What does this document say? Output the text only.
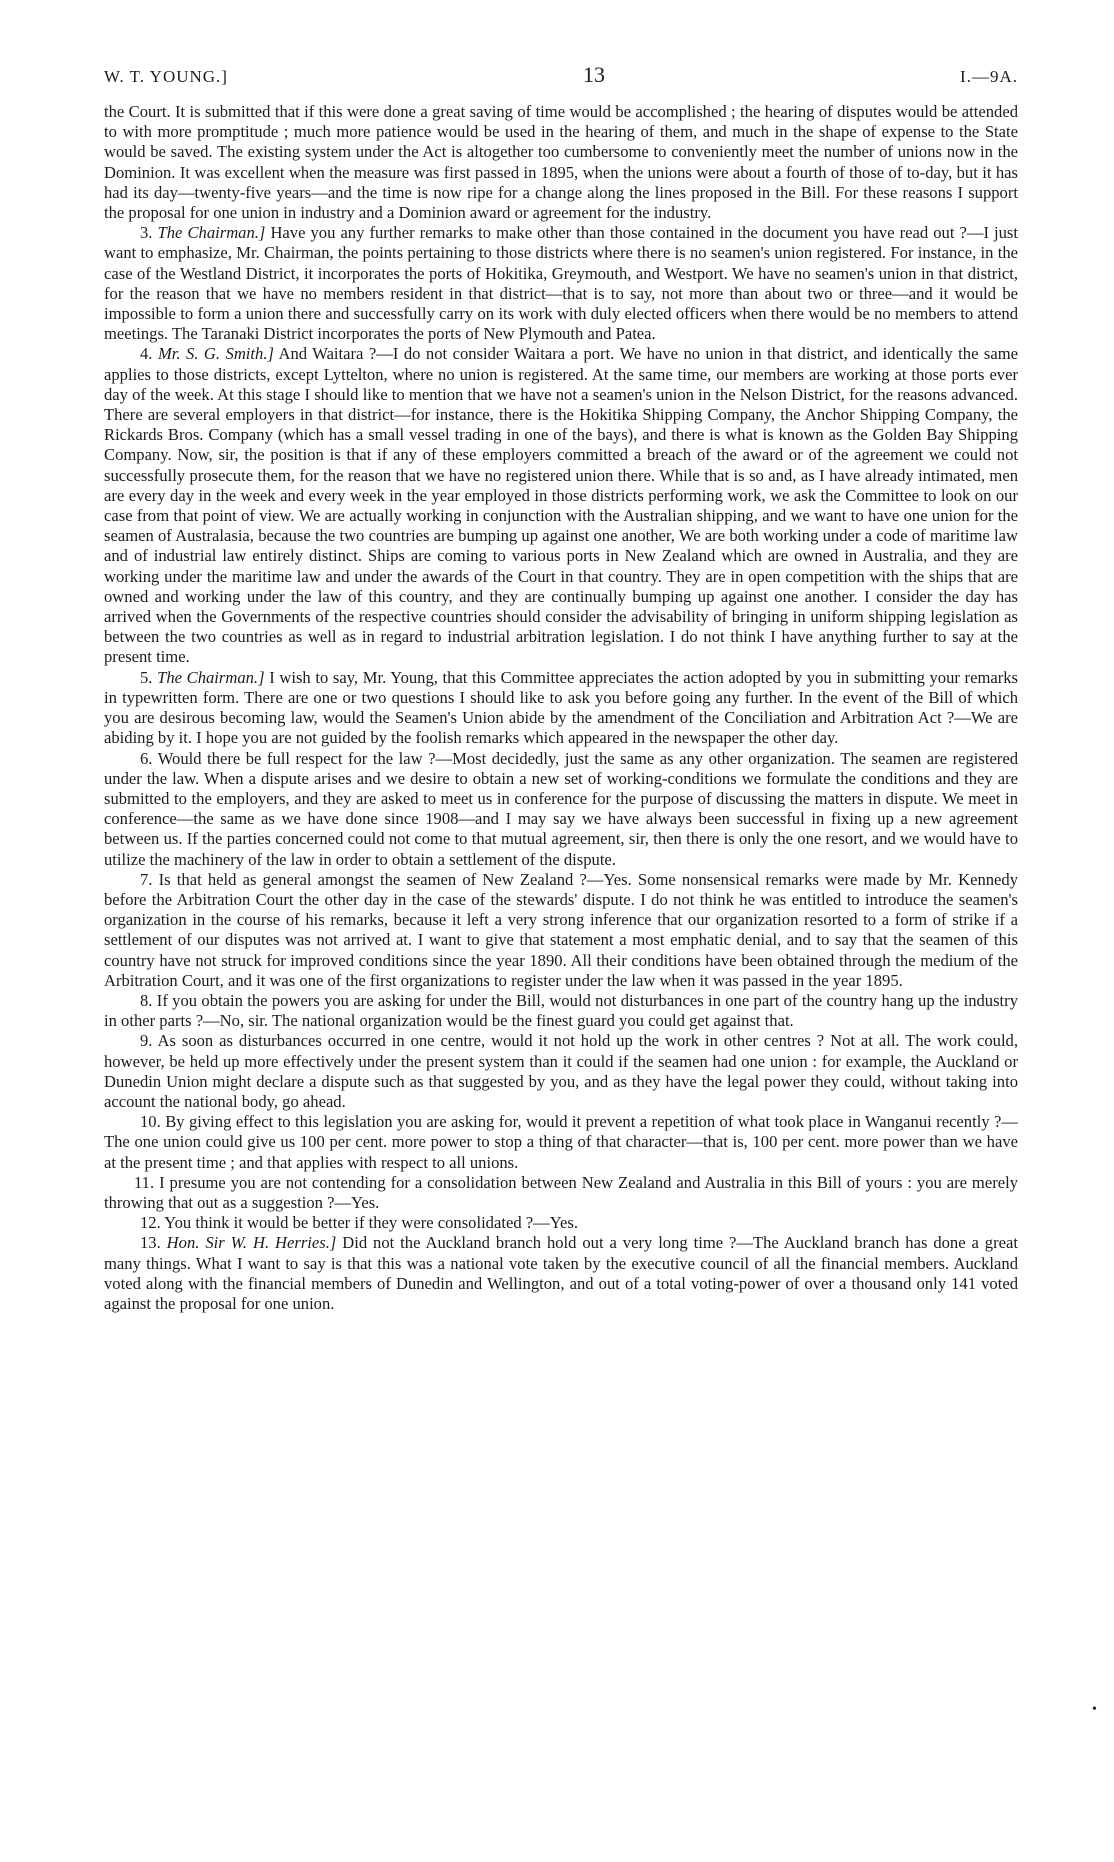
W. T. YOUNG.]	13	I.—9A.

the Court. It is submitted that if this were done a great saving of time would be accomplished ; the hearing of disputes would be attended to with more promptitude ; much more patience would be used in the hearing of them, and much in the shape of expense to the State would be saved. The existing system under the Act is altogether too cumbersome to conveniently meet the number of unions now in the Dominion. It was excellent when the measure was first passed in 1895, when the unions were about a fourth of those of to-day, but it has had its day—twenty-five years—and the time is now ripe for a change along the lines proposed in the Bill. For these reasons I support the proposal for one union in industry and a Dominion award or agreement for the industry.

3. The Chairman.] Have you any further remarks to make other than those contained in the document you have read out ?—I just want to emphasize, Mr. Chairman, the points pertaining to those districts where there is no seamen's union registered. For instance, in the case of the Westland District, it incorporates the ports of Hokitika, Greymouth, and Westport. We have no seamen's union in that district, for the reason that we have no members resident in that district—that is to say, not more than about two or three—and it would be impossible to form a union there and successfully carry on its work with duly elected officers when there would be no members to attend meetings. The Taranaki District incorporates the ports of New Plymouth and Patea.

4. Mr. S. G. Smith.] And Waitara ?—I do not consider Waitara a port. We have no union in that district, and identically the same applies to those districts, except Lyttelton, where no union is registered. At the same time, our members are working at those ports ever day of the week. At this stage I should like to mention that we have not a seamen's union in the Nelson District, for the reasons advanced. There are several employers in that district—for instance, there is the Hokitika Shipping Company, the Anchor Shipping Company, the Rickards Bros. Company (which has a small vessel trading in one of the bays), and there is what is known as the Golden Bay Shipping Company. Now, sir, the position is that if any of these employers committed a breach of the award or of the agreement we could not successfully prosecute them, for the reason that we have no registered union there. While that is so and, as I have already intimated, men are every day in the week and every week in the year employed in those districts performing work, we ask the Committee to look on our case from that point of view. We are actually working in conjunction with the Australian shipping, and we want to have one union for the seamen of Australasia, because the two countries are bumping up against one another, We are both working under a code of maritime law and of industrial law entirely distinct. Ships are coming to various ports in New Zealand which are owned in Australia, and they are working under the maritime law and under the awards of the Court in that country. They are in open competition with the ships that are owned and working under the law of this country, and they are continually bumping up against one another. I consider the day has arrived when the Governments of the respective countries should consider the advisability of bringing in uniform shipping legislation as between the two countries as well as in regard to industrial arbitration legislation. I do not think I have anything further to say at the present time.

5. The Chairman.] I wish to say, Mr. Young, that this Committee appreciates the action adopted by you in submitting your remarks in typewritten form. There are one or two questions I should like to ask you before going any further. In the event of the Bill of which you are desirous becoming law, would the Seamen's Union abide by the amendment of the Conciliation and Arbitration Act ?—We are abiding by it. I hope you are not guided by the foolish remarks which appeared in the newspaper the other day.

6. Would there be full respect for the law ?—Most decidedly, just the same as any other organization. The seamen are registered under the law. When a dispute arises and we desire to obtain a new set of working-conditions we formulate the conditions and they are submitted to the employers, and they are asked to meet us in conference for the purpose of discussing the matters in dispute. We meet in conference—the same as we have done since 1908—and I may say we have always been successful in fixing up a new agreement between us. If the parties concerned could not come to that mutual agreement, sir, then there is only the one resort, and we would have to utilize the machinery of the law in order to obtain a settlement of the dispute.

7. Is that held as general amongst the seamen of New Zealand ?—Yes. Some nonsensical remarks were made by Mr. Kennedy before the Arbitration Court the other day in the case of the stewards' dispute. I do not think he was entitled to introduce the seamen's organization in the course of his remarks, because it left a very strong inference that our organization resorted to a form of strike if a settlement of our disputes was not arrived at. I want to give that statement a most emphatic denial, and to say that the seamen of this country have not struck for improved conditions since the year 1890. All their conditions have been obtained through the medium of the Arbitration Court, and it was one of the first organizations to register under the law when it was passed in the year 1895.

8. If you obtain the powers you are asking for under the Bill, would not disturbances in one part of the country hang up the industry in other parts ?—No, sir. The national organization would be the finest guard you could get against that.

9. As soon as disturbances occurred in one centre, would it not hold up the work in other centres ? Not at all. The work could, however, be held up more effectively under the present system than it could if the seamen had one union : for example, the Auckland or Dunedin Union might declare a dispute such as that suggested by you, and as they have the legal power they could, without taking into account the national body, go ahead.

10. By giving effect to this legislation you are asking for, would it prevent a repetition of what took place in Wanganui recently ?—The one union could give us 100 per cent. more power to stop a thing of that character—that is, 100 per cent. more power than we have at the present time ; and that applies with respect to all unions.

11. I presume you are not contending for a consolidation between New Zealand and Australia in this Bill of yours : you are merely throwing that out as a suggestion ?—Yes.

12. You think it would be better if they were consolidated ?—Yes.

13. Hon. Sir W. H. Herries.] Did not the Auckland branch hold out a very long time ?—The Auckland branch has done a great many things. What I want to say is that this was a national vote taken by the executive council of all the financial members. Auckland voted along with the financial members of Dunedin and Wellington, and out of a total voting-power of over a thousand only 141 voted against the proposal for one union.

•
